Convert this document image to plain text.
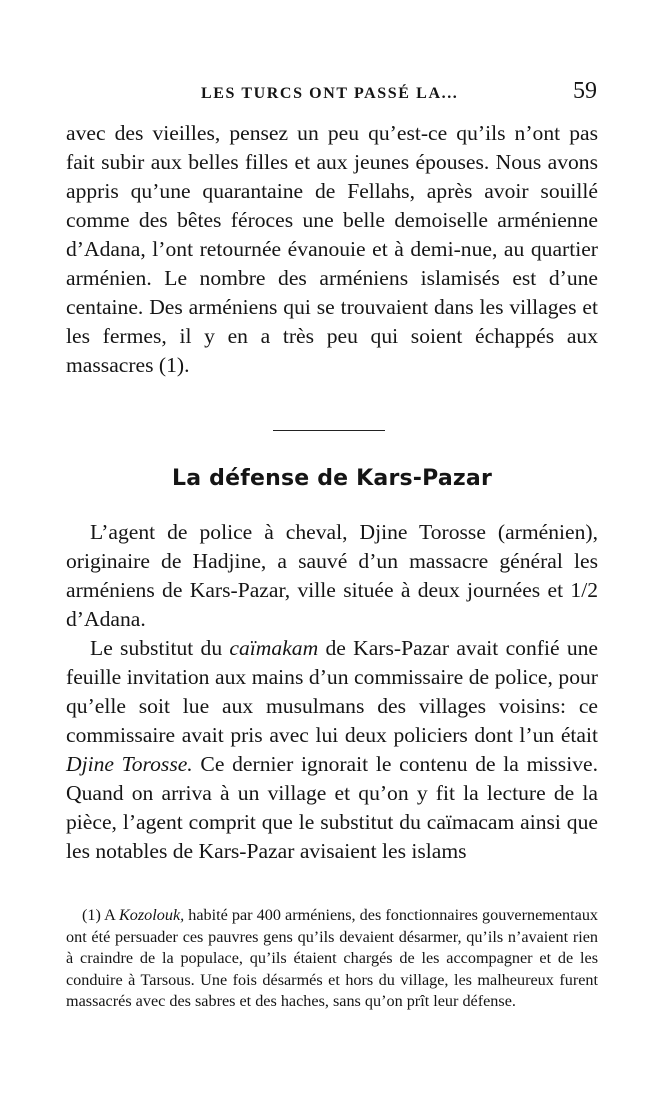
LES TURCS ONT PASSÉ LA...	59

avec des vieilles, pensez un peu qu’est-ce qu’ils n’ont pas fait subir aux belles filles et aux jeunes épouses. Nous avons appris qu’une quarantaine de Fellahs, après avoir souillé comme des bêtes féroces une belle demoiselle arménienne d’Adana, l’ont retournée évanouie et à demi-nue, au quartier arménien. Le nombre des arméniens islamisés est d’une centaine. Des arméniens qui se trouvaient dans les villages et les fermes, il y en a très peu qui soient échappés aux massacres (1).

La défense de Kars-Pazar

L’agent de police à cheval, Djine Torosse (arménien), originaire de Hadjine, a sauvé d’un massacre général les arméniens de Kars-Pazar, ville située à deux journées et 1/2 d’Adana.

Le substitut du caïmakam de Kars-Pazar avait confié une feuille invitation aux mains d’un commissaire de police, pour qu’elle soit lue aux musulmans des villages voisins: ce commissaire avait pris avec lui deux policiers dont l’un était Djine Torosse. Ce dernier ignorait le contenu de la missive. Quand on arriva à un village et qu’on y fit la lecture de la pièce, l’agent comprit que le substitut du caïmacam ainsi que les notables de Kars-Pazar avisaient les islams

(1) A Kozolouk, habité par 400 arméniens, des fonctionnaires gouvernementaux ont été persuader ces pauvres gens qu’ils devaient désarmer, qu’ils n’avaient rien à craindre de la populace, qu’ils étaient chargés de les accompagner et de les conduire à Tarsous. Une fois désarmés et hors du village, les malheureux furent massacrés avec des sabres et des haches, sans qu’on prît leur défense.
